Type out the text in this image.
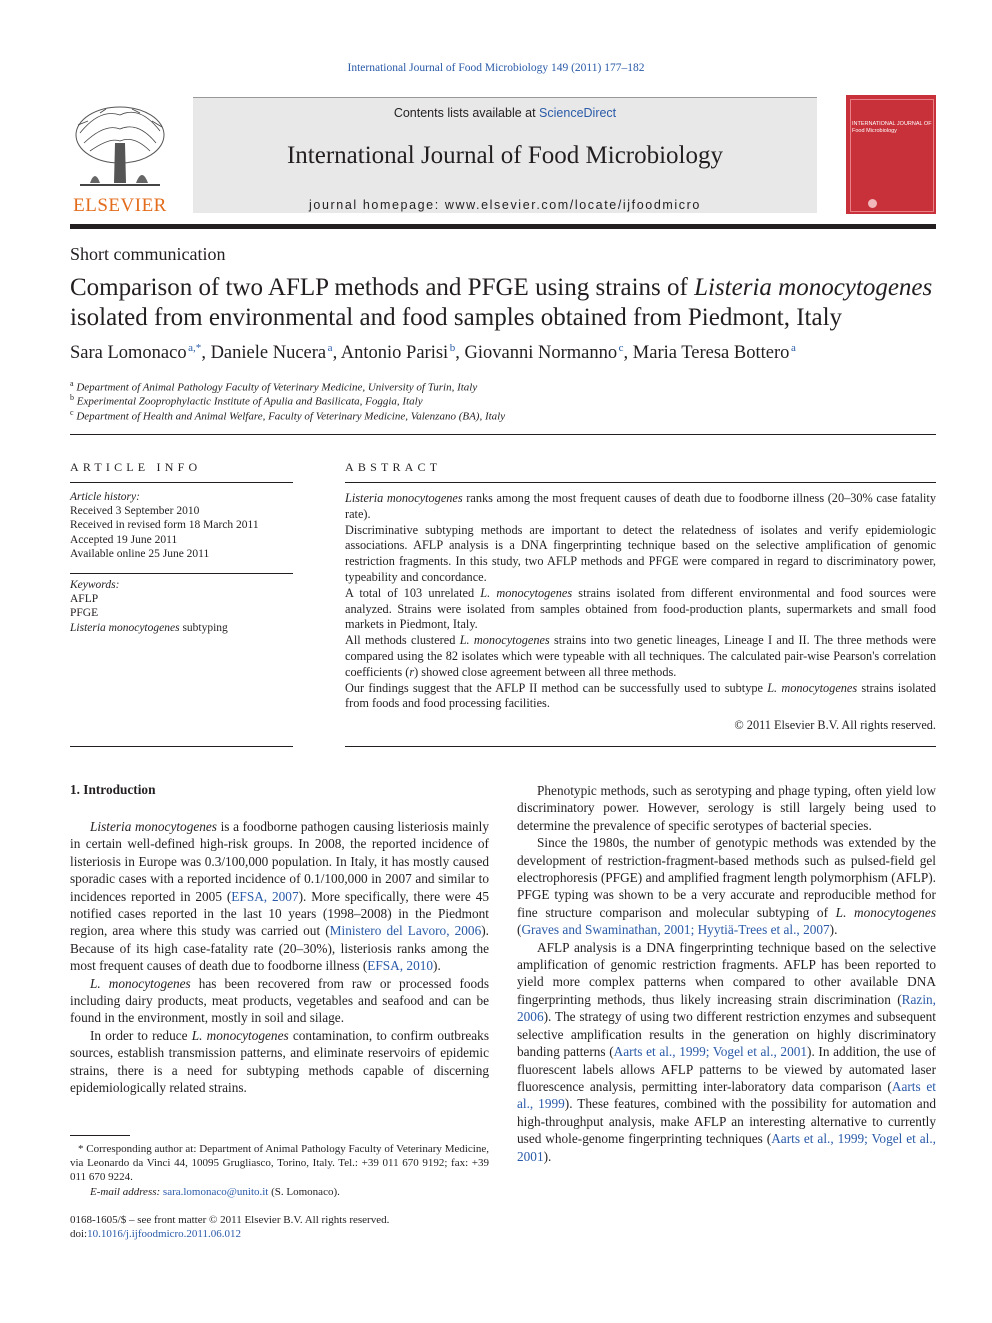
International Journal of Food Microbiology 149 (2011) 177–182
ELSEVIER
Contents lists available at ScienceDirect
International Journal of Food Microbiology
journal homepage: www.elsevier.com/locate/ijfoodmicro
INTERNATIONAL JOURNAL OF Food Microbiology
Short communication
Comparison of two AFLP methods and PFGE using strains of Listeria monocytogenes isolated from environmental and food samples obtained from Piedmont, Italy
Sara Lomonaco  $^{a,*}$, Daniele Nucera  $^a$, Antonio Parisi  $^b$, Giovanni Normanno  $^c$, Maria Teresa Bottero  $^a$
$^a$ Department of Animal Pathology Faculty of Veterinary Medicine, University of Turin, Italy
$^b$ Experimental Zooprophylactic Institute of Apulia and Basilicata, Foggia, Italy
$^c$ Department of Health and Animal Welfare, Faculty of Veterinary Medicine, Valenzano (BA), Italy
ARTICLE INFO
Article history:
Received 3 September 2010
Received in revised form 18 March 2011
Accepted 19 June 2011
Available online 25 June 2011
Keywords:
AFLP
PFGE
Listeria monocytogenes subtyping
ABSTRACT

Listeria monocytogenes ranks among the most frequent causes of death due to foodborne illness (20–30% case fatality rate).

Discriminative subtyping methods are important to detect the relatedness of isolates and verify epidemiologic associations. AFLP analysis is a DNA fingerprinting technique based on the selective amplification of genomic restriction fragments. In this study, two AFLP methods and PFGE were compared in regard to discriminatory power, typeability and concordance.

A total of 103 unrelated L. monocytogenes strains isolated from different environmental and food sources were analyzed. Strains were isolated from samples obtained from food-production plants, supermarkets and small food markets in Piedmont, Italy.

All methods clustered L. monocytogenes strains into two genetic lineages, Lineage I and II. The three methods were compared using the 82 isolates which were typeable with all techniques. The calculated pair-wise Pearson's correlation coefficients (r) showed close agreement between all three methods.

Our findings suggest that the AFLP II method can be successfully used to subtype L. monocytogenes strains isolated from foods and food processing facilities.

© 2011 Elsevier B.V. All rights reserved.

1. Introduction

Listeria monocytogenes is a foodborne pathogen causing listeriosis mainly in certain well-defined high-risk groups. In 2008, the reported incidence of listeriosis in Europe was 0.3/100,000 population. In Italy, it has mostly caused sporadic cases with a reported incidence of 0.1/100,000 in 2007 and similar to incidences reported in 2005 (EFSA, 2007). More specifically, there were 45 notified cases reported in the last 10 years (1998–2008) in the Piedmont region, area where this study was carried out (Ministero del Lavoro, 2006). Because of its high case-fatality rate (20–30%), listeriosis ranks among the most frequent causes of death due to foodborne illness (EFSA, 2010).

L. monocytogenes has been recovered from raw or processed foods including dairy products, meat products, vegetables and seafood and can be found in the environment, mostly in soil and silage.

In order to reduce L. monocytogenes contamination, to confirm outbreaks sources, establish transmission patterns, and eliminate reservoirs of epidemic strains, there is a need for subtyping methods capable of discerning epidemiologically related strains.

* Corresponding author at: Department of Animal Pathology Faculty of Veterinary Medicine, via Leonardo da Vinci 44, 10095 Grugliasco, Torino, Italy. Tel.: +39 011 670 9192; fax: +39 011 670 9224.
E-mail address: sara.lomonaco@unito.it (S. Lomonaco).
0168-1605/$ – see front matter © 2011 Elsevier B.V. All rights reserved.
doi:10.1016/j.ijfoodmicro.2011.06.012

Phenotypic methods, such as serotyping and phage typing, often yield low discriminatory power. However, serology is still largely being used to determine the prevalence of specific serotypes of bacterial species.

Since the 1980s, the number of genotypic methods was extended by the development of restriction-fragment-based methods such as pulsed-field gel electrophoresis (PFGE) and amplified fragment length polymorphism (AFLP). PFGE typing was shown to be a very accurate and reproducible method for fine structure comparison and molecular subtyping of L. monocytogenes (Graves and Swaminathan, 2001; Hyytiä-Trees et al., 2007).

AFLP analysis is a DNA fingerprinting technique based on the selective amplification of genomic restriction fragments. AFLP has been reported to yield more complex patterns when compared to other available DNA fingerprinting methods, thus likely increasing strain discrimination (Razin, 2006). The strategy of using two different restriction enzymes and subsequent selective amplification results in the generation on highly discriminatory banding patterns (Aarts et al., 1999; Vogel et al., 2001). In addition, the use of fluorescent labels allows AFLP patterns to be viewed by automated laser fluorescence analysis, permitting inter-laboratory data comparison (Aarts et al., 1999). These features, combined with the possibility for automation and high-throughput analysis, make AFLP an interesting alternative to currently used whole-genome fingerprinting techniques (Aarts et al., 1999; Vogel et al., 2001).
